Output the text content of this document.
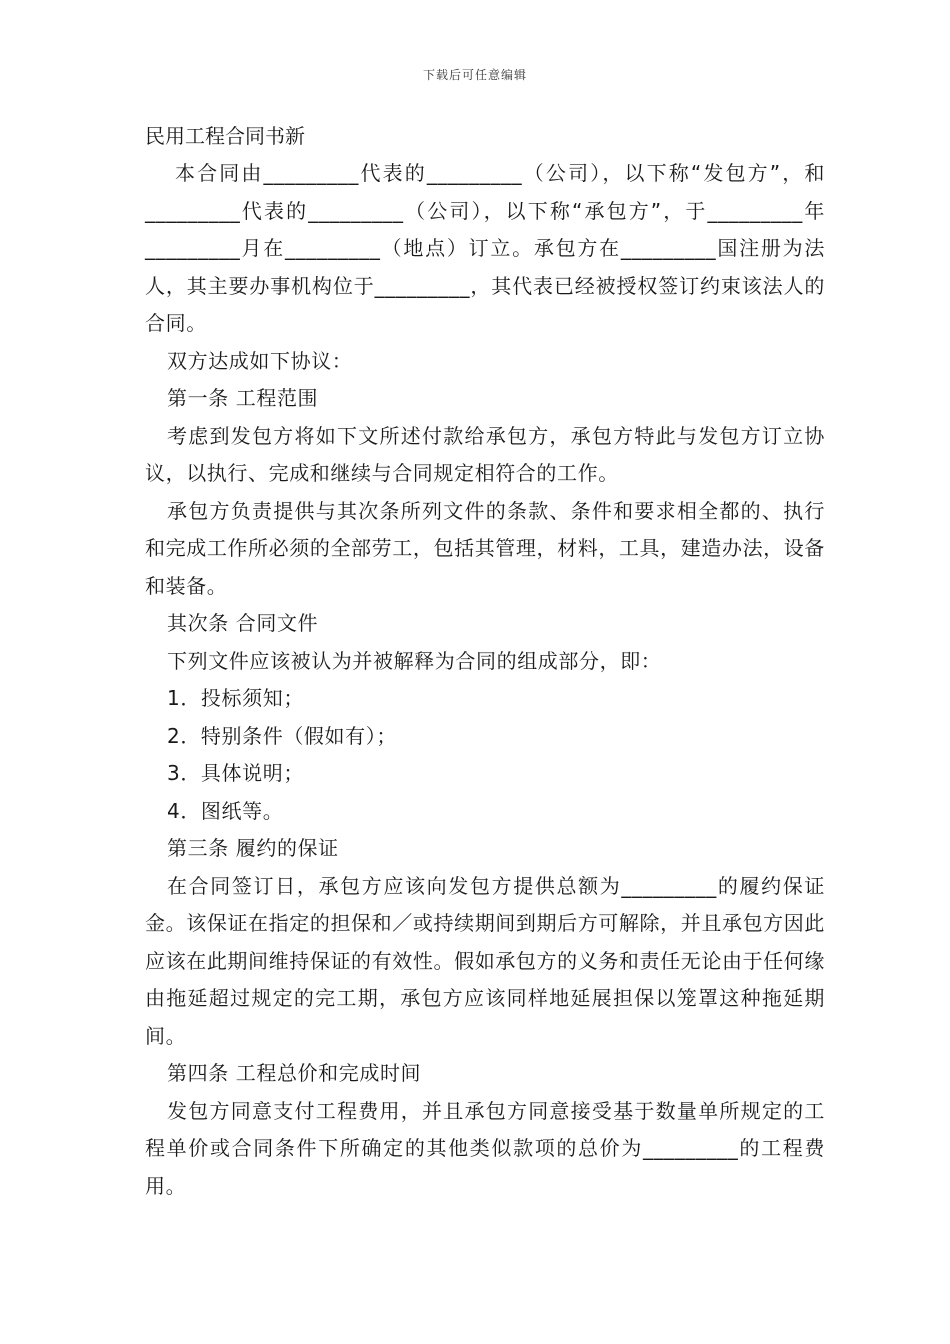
下载后可任意编辑
民用工程合同书新

本合同由_________代表的_________（公司），以下称“发包方”，和_________代表的_________（公司），以下称“承包方”，于_________年_________月在_________（地点）订立。承包方在_________国注册为法人，其主要办事机构位于_________，其代表已经被授权签订约束该法人的合同。

双方达成如下协议：

第一条 工程范围

考虑到发包方将如下文所述付款给承包方，承包方特此与发包方订立协议，以执行、完成和继续与合同规定相符合的工作。

承包方负责提供与其次条所列文件的条款、条件和要求相全都的、执行和完成工作所必须的全部劳工，包括其管理，材料，工具，建造办法，设备和装备。

其次条 合同文件

下列文件应该被认为并被解释为合同的组成部分，即：

1．投标须知；

2．特别条件（假如有）；

3．具体说明；

4．图纸等。

第三条 履约的保证

在合同签订日，承包方应该向发包方提供总额为_________的履约保证金。该保证在指定的担保和／或持续期间到期后方可解除，并且承包方因此应该在此期间维持保证的有效性。假如承包方的义务和责任无论由于任何缘由拖延超过规定的完工期，承包方应该同样地延展担保以笼罩这种拖延期间。

第四条 工程总价和完成时间

发包方同意支付工程费用，并且承包方同意接受基于数量单所规定的工程单价或合同条件下所确定的其他类似款项的总价为_________的工程费用。
